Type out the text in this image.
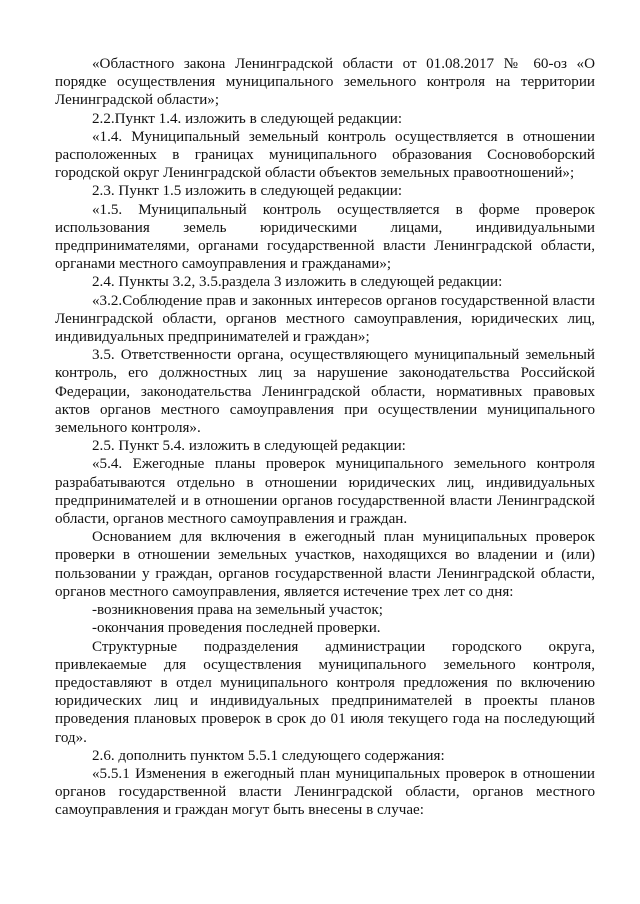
«Областного закона Ленинградской области от 01.08.2017 № 60-оз «О порядке осуществления муниципального земельного контроля на территории Ленинградской области»;

2.2.Пункт 1.4. изложить в следующей редакции:

«1.4. Муниципальный земельный контроль осуществляется в отношении расположенных в границах муниципального образования Сосновоборский городской округ Ленинградской области объектов земельных правоотношений»;

2.3. Пункт 1.5 изложить в следующей редакции:

«1.5. Муниципальный контроль осуществляется в форме проверок использования земель юридическими лицами, индивидуальными предпринимателями, органами государственной власти Ленинградской области, органами местного самоуправления и гражданами»;

2.4. Пункты 3.2, 3.5.раздела 3 изложить в следующей редакции:

«3.2.Соблюдение прав и законных интересов органов государственной власти Ленинградской области, органов местного самоуправления, юридических лиц, индивидуальных предпринимателей и граждан»;

3.5. Ответственности органа, осуществляющего муниципальный земельный контроль, его должностных лиц за нарушение законодательства Российской Федерации, законодательства Ленинградской области, нормативных правовых актов органов местного самоуправления при осуществлении муниципального земельного контроля».

2.5. Пункт 5.4. изложить в следующей редакции:

«5.4. Ежегодные планы проверок муниципального земельного контроля разрабатываются отдельно в отношении юридических лиц, индивидуальных предпринимателей и в отношении органов государственной власти Ленинградской области, органов местного самоуправления и граждан.

Основанием для включения в ежегодный план муниципальных проверок проверки в отношении земельных участков, находящихся во владении и (или) пользовании у граждан, органов государственной власти Ленинградской области, органов местного самоуправления, является истечение трех лет со дня:

-возникновения права на земельный участок;

-окончания проведения последней проверки.

Структурные подразделения администрации городского округа, привлекаемые для осуществления муниципального земельного контроля, предоставляют в отдел муниципального контроля предложения по включению юридических лиц и индивидуальных предпринимателей в проекты планов проведения плановых проверок в срок до 01 июля текущего года на последующий год».

2.6. дополнить пунктом 5.5.1 следующего содержания:

«5.5.1 Изменения в ежегодный план муниципальных проверок в отношении органов государственной власти Ленинградской области, органов местного самоуправления и граждан могут быть внесены в случае:
